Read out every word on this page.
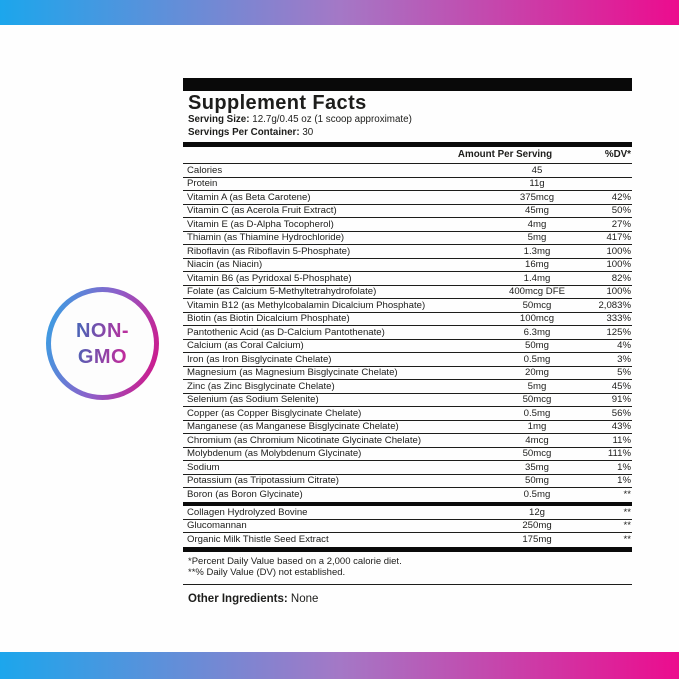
NON-
GMO
Supplement Facts

Serving Size: 12.7g/0.45 oz (1 scoop approximate)

Servings Per Container: 30

Amount Per Serving	%DV*
Calories	45
Protein	11g
Vitamin A (as Beta Carotene)	375mcg	42%
Vitamin C (as Acerola Fruit Extract)	45mg	50%
Vitamin E (as D-Alpha Tocopherol)	4mg	27%
Thiamin (as Thiamine Hydrochloride)	5mg	417%
Riboflavin (as Riboflavin 5-Phosphate)	1.3mg	100%
Niacin (as Niacin)	16mg	100%
Vitamin B6 (as Pyridoxal 5-Phosphate)	1.4mg	82%
Folate (as Calcium 5-Methyltetrahydrofolate)	400mcg DFE	100%
Vitamin B12 (as Methylcobalamin Dicalcium Phosphate)	50mcg	2,083%
Biotin (as Biotin Dicalcium Phosphate)	100mcg	333%
Pantothenic Acid (as D-Calcium Pantothenate)	6.3mg	125%
Calcium (as Coral Calcium)	50mg	4%
Iron (as Iron Bisglycinate Chelate)	0.5mg	3%
Magnesium (as Magnesium Bisglycinate Chelate)	20mg	5%
Zinc (as Zinc Bisglycinate Chelate)	5mg	45%
Selenium (as Sodium Selenite)	50mcg	91%
Copper (as Copper Bisglycinate Chelate)	0.5mg	56%
Manganese (as Manganese Bisglycinate Chelate)	1mg	43%
Chromium (as Chromium Nicotinate Glycinate Chelate)	4mcg	11%
Molybdenum (as Molybdenum Glycinate)	50mcg	111%
Sodium	35mg	1%
Potassium (as Tripotassium Citrate)	50mg	1%
Boron (as Boron Glycinate)	0.5mg	**
Collagen Hydrolyzed Bovine	12g	**
Glucomannan	250mg	**
Organic Milk Thistle Seed Extract	175mg	**

*Percent Daily Value based on a 2,000 calorie diet.

**% Daily Value (DV) not established.

Other Ingredients: None
